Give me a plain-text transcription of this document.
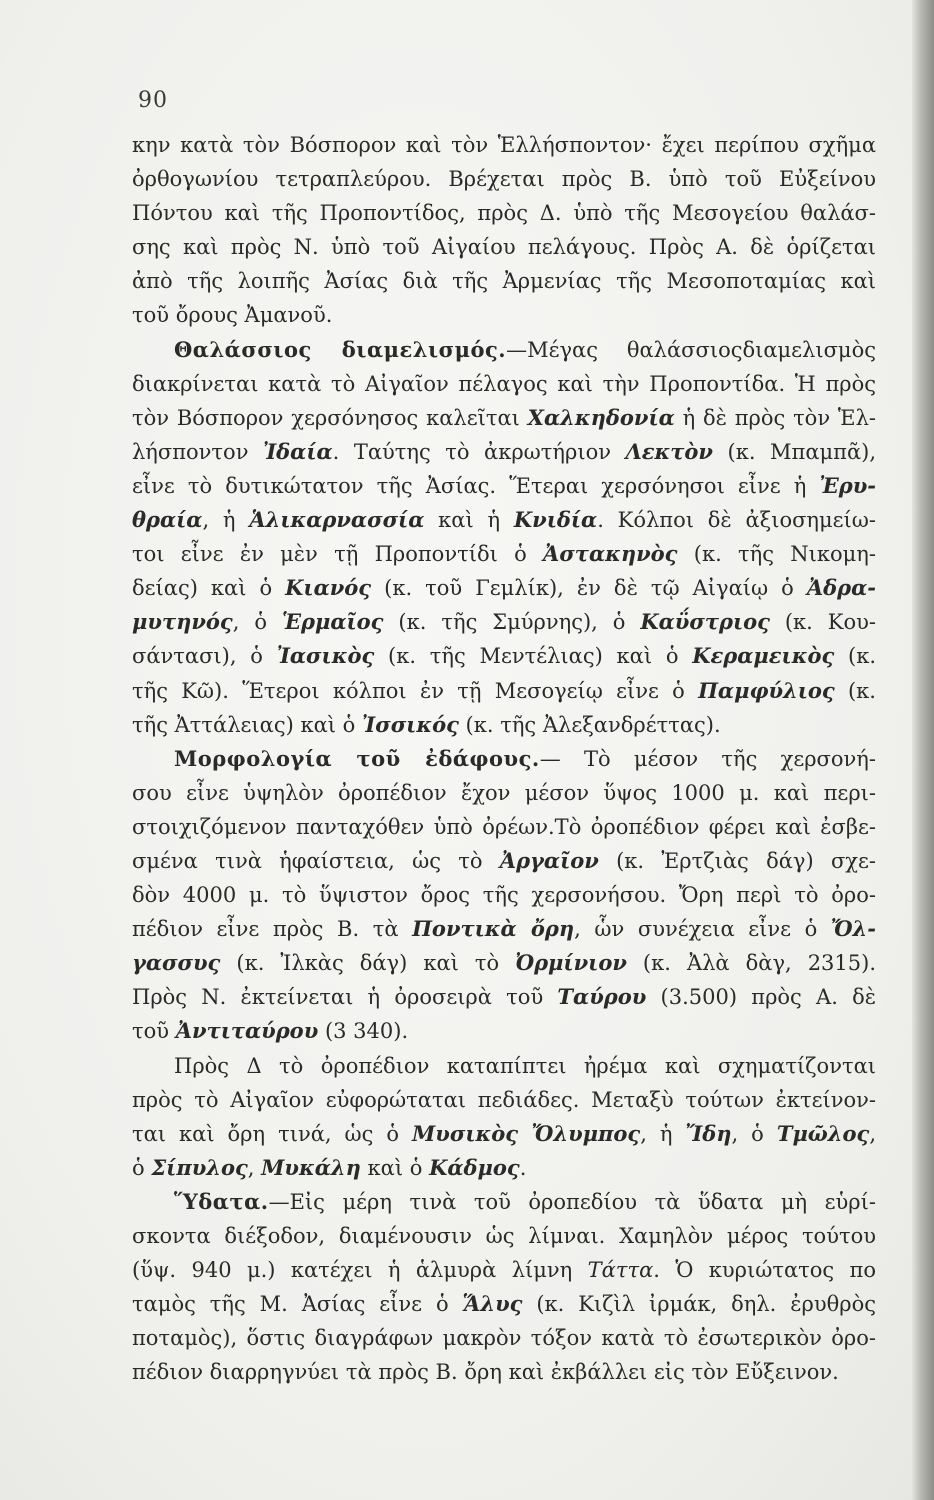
90
κην κατὰ τὸν Βόσπορον καὶ τὸν Ἑλλήσποντον· ἔχει περίπου σχῆμα
ὀρθογωνίου τετραπλεύρου. Βρέχεται πρὸς Β. ὑπὸ τοῦ Εὐξείνου
Πόντου καὶ τῆς Προποντίδος, πρὸς Δ. ὑπὸ τῆς Μεσογείου θαλάσ-
σης καὶ πρὸς Ν. ὑπὸ τοῦ Αἰγαίου πελάγους. Πρὸς Α. δὲ ὁρίζεται
ἀπὸ τῆς λοιπῆς Ἀσίας διὰ τῆς Ἀρμενίας τῆς Μεσοποταμίας καὶ
τοῦ ὄρους Ἀμανοῦ.
Θαλάσσιος διαμελισμός.—Μέγας θαλάσσιοςδιαμελισμὸς
διακρίνεται κατὰ τὸ Αἰγαῖον πέλαγος καὶ τὴν Προποντίδα. Ἡ πρὸς
τὸν Βόσπορον χερσόνησος καλεῖται Χαλκηδονία ἡ δὲ πρὸς τὸν Ἑλ-
λήσποντον Ἰδαία. Ταύτης τὸ ἀκρωτήριον Λεκτὸν (κ. Μπαμπᾶ),
εἶνε τὸ δυτικώτατον τῆς Ἀσίας. Ἕτεραι χερσόνησοι εἶνε ἡ Ἐρυ-
θραία, ἡ Ἁλικαρνασσία καὶ ἡ Κνιδία. Κόλποι δὲ ἀξιοσημείω-
τοι εἶνε ἐν μὲν τῇ Προποντίδι ὁ Ἀστακηνὸς (κ. τῆς Νικομη-
δείας) καὶ ὁ Κιανός (κ. τοῦ Γεμλίκ), ἐν δὲ τῷ Αἰγαίῳ ὁ Ἀδρα-
μυτηνός, ὁ Ἑρμαῖος (κ. τῆς Σμύρνης), ὁ Καΰστριος (κ. Κου-
σάντασι), ὁ Ἰασικὸς (κ. τῆς Μεντέλιας) καὶ ὁ Κεραμεικὸς (κ.
τῆς Κῶ). Ἕτεροι κόλποι ἐν τῇ Μεσογείῳ εἶνε ὁ Παμφύλιος (κ.
τῆς Ἀττάλειας) καὶ ὁ Ἰσσικός (κ. τῆς Ἀλεξανδρέττας).
Μορφολογία τοῦ ἐδάφους.— Τὸ μέσον τῆς χερσονή-
σου εἶνε ὑψηλὸν ὀροπέδιον ἔχον μέσον ὕψος 1000 μ. καὶ περι-
στοιχιζόμενον πανταχόθεν ὑπὸ ὀρέων.Τὸ ὀροπέδιον φέρει καὶ ἐσβε-
σμένα τινὰ ἡφαίστεια, ὡς τὸ Ἀργαῖον (κ. Ἐρτζιὰς δάγ) σχε-
δὸν 4000 μ. τὸ ὕψιστον ὄρος τῆς χερσονήσου. Ὄρη περὶ τὸ ὀρο-
πέδιον εἶνε πρὸς Β. τὰ Ποντικὰ ὄρη, ὧν συνέχεια εἶνε ὁ Ὄλ-
γασσυς (κ. Ἰλκὰς δάγ) καὶ τὸ Ὀρμίνιον (κ. Ἀλὰ δὰγ, 2315).
Πρὸς Ν. ἐκτείνεται ἡ ὀροσειρὰ τοῦ Ταύρου (3.500) πρὸς Α. δὲ
τοῦ Ἀντιταύρου (3 340).
Πρὸς Δ τὸ ὀροπέδιον καταπίπτει ἠρέμα καὶ σχηματίζονται
πρὸς τὸ Αἰγαῖον εὐφορώταται πεδιάδες. Μεταξὺ τούτων ἐκτείνον-
ται καὶ ὄρη τινά, ὡς ὁ Μυσικὸς Ὄλυμπος, ἡ Ἴδη, ὁ Τμῶλος,
ὁ Σίπυλος, Μυκάλη καὶ ὁ Κάδμος.
Ὕδατα.—Εἰς μέρη τινὰ τοῦ ὀροπεδίου τὰ ὕδατα μὴ εὑρί-
σκοντα διέξοδον, διαμένουσιν ὡς λίμναι. Χαμηλὸν μέρος τούτου
(ὕψ. 940 μ.) κατέχει ἡ ἁλμυρὰ λίμνη Τάττα. Ὁ κυριώτατος πο
ταμὸς τῆς Μ. Ἀσίας εἶνε ὁ Ἅλυς (κ. Κιζὶλ ἰρμάκ, δηλ. ἐρυθρὸς
ποταμὸς), ὅστις διαγράφων μακρὸν τόξον κατὰ τὸ ἐσωτερικὸν ὀρο-
πέδιον διαρρηγνύει τὰ πρὸς Β. ὄρη καὶ ἐκβάλλει εἰς τὸν Εὔξεινον.
